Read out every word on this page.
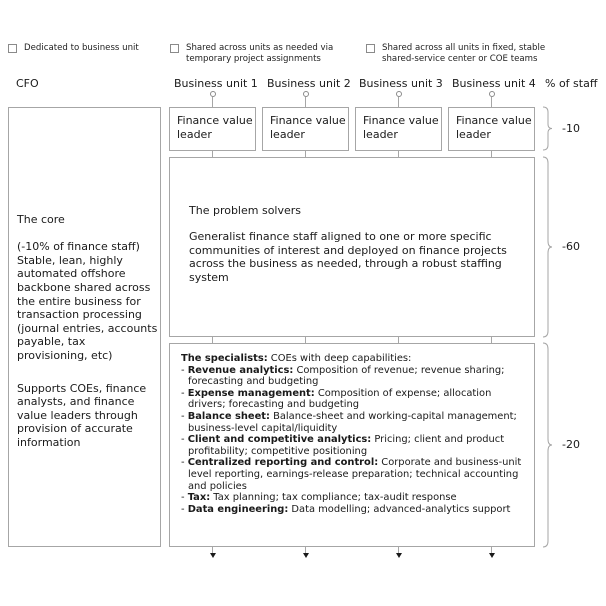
Dedicated to business unit	Shared across units as needed via
temporary project assignments
Shared across all units in fixed, stable
shared-service center or COE teams
CFO	Business unit 1 Business unit 2 Business unit 3 Business unit 4 % of staff
The core
(-10% of finance staff)
Stable, lean, highly automated offshore backbone shared across the entire business for transaction processing (journal entries, accounts payable, tax provisioning, etc)
Supports COEs, finance analysts, and finance value leaders through provision of accurate information
Finance value
leader
Finance value
leader
Finance value
leader
Finance value
leader
The problem solvers
Generalist finance staff aligned to one or more specific communities of interest and deployed on finance projects across the business as needed, through a robust staffing system
The specialists: COEs with deep capabilities:
- Revenue analytics: Composition of revenue; revenue sharing; forecasting and budgeting
- Expense management: Composition of expense; allocation drivers; forecasting and budgeting
- Balance sheet: Balance-sheet and working-capital management; business-level capital/liquidity
- Client and competitive analytics: Pricing; client and product profitability; competitive positioning
- Centralized reporting and control: Corporate and business-unit level reporting, earnings-release preparation; technical accounting and policies
- Tax: Tax planning; tax compliance; tax-audit response
- Data engineering: Data modelling; advanced-analytics support
-10
-60
-20
